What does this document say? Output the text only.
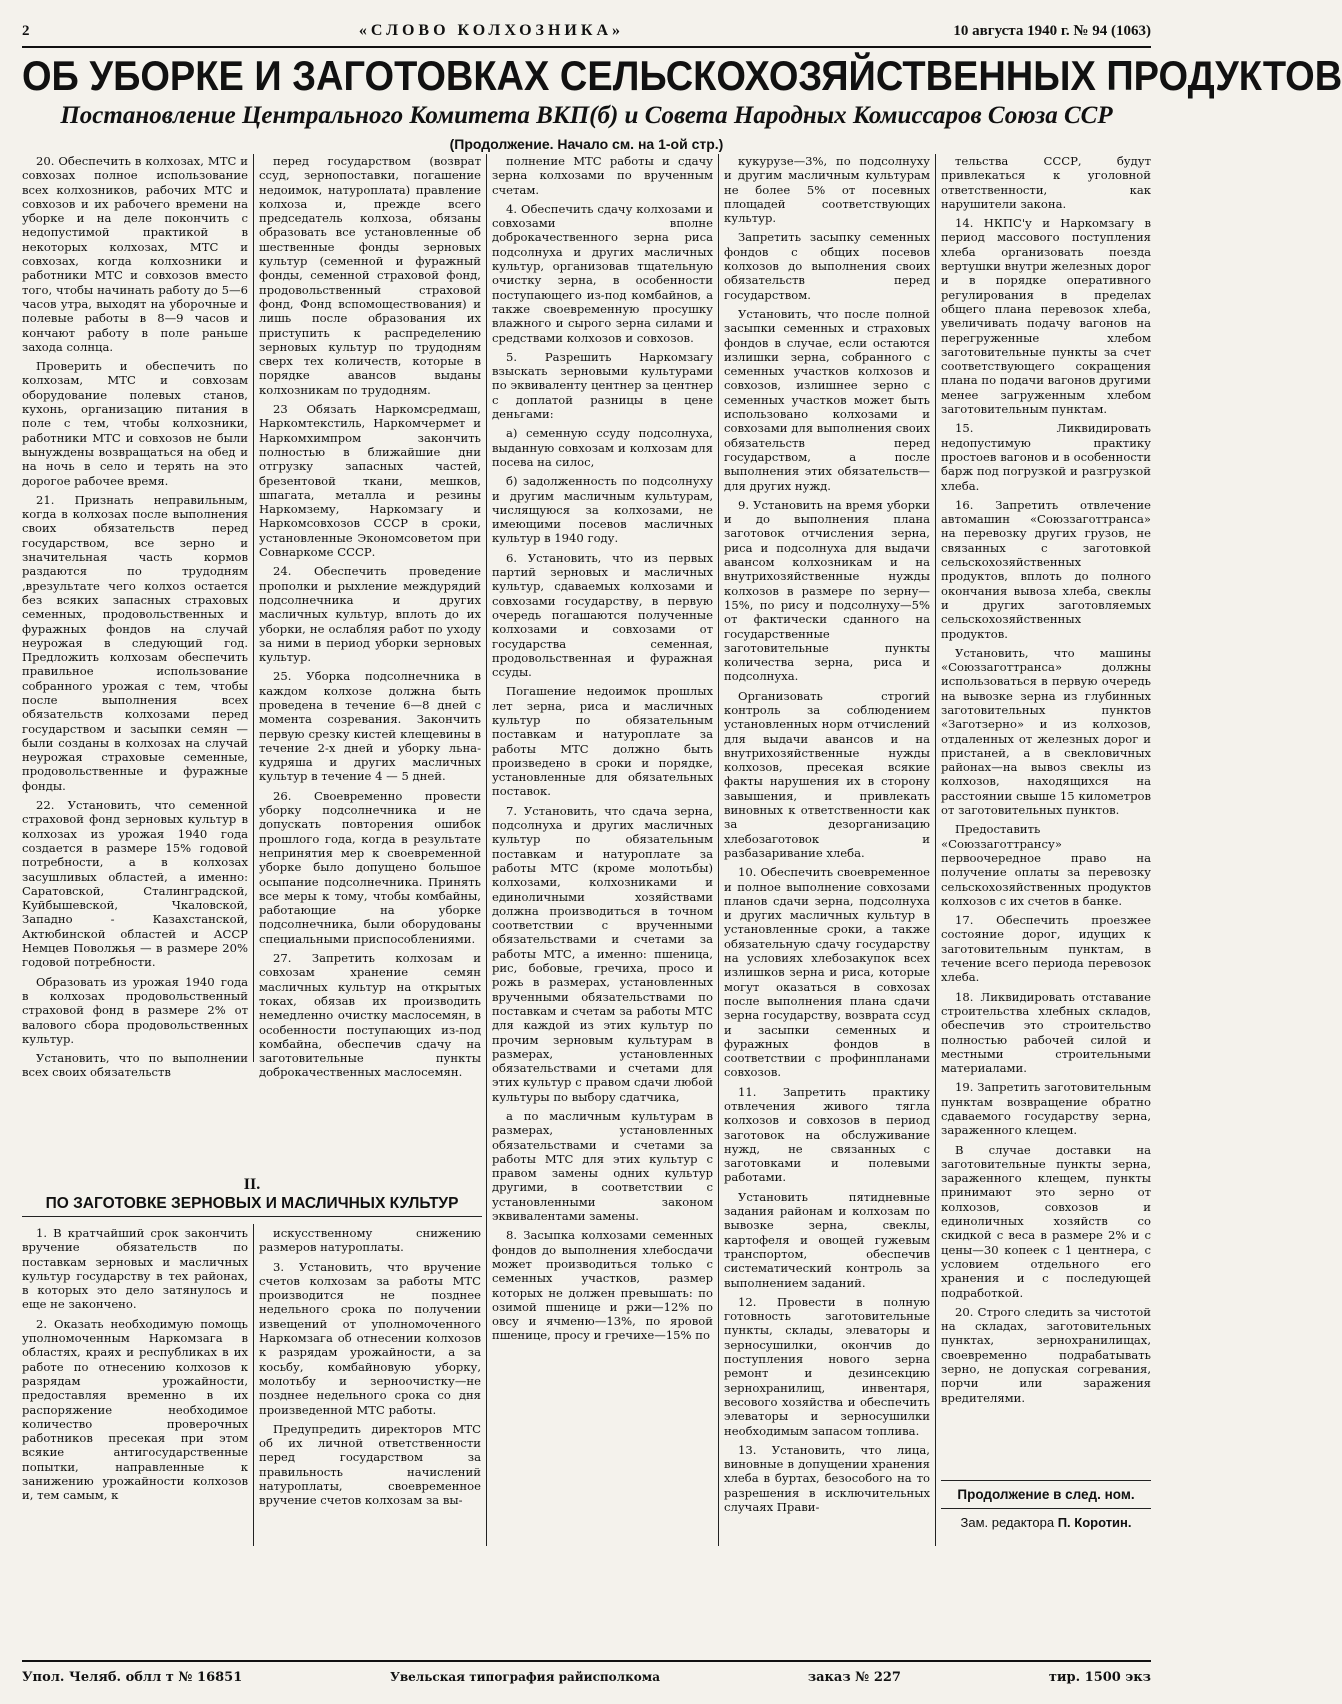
2	«СЛОВО КОЛХОЗНИКА»	10 августа 1940 г. № 94 (1063)
ОБ УБОРКЕ И ЗАГОТОВКАХ СЕЛЬСКОХОЗЯЙСТВЕННЫХ ПРОДУКТОВ
Постановление Центрального Комитета ВКП(б) и Совета Народных Комиссаров Союза ССР
(Продолжение. Начало см. на 1-ой стр.)

20. Обеспечить в колхозах, МТС и совхозах полное использование всех колхозников, рабочих МТС и совхозов и их рабочего времени на уборке и на деле покончить с недопустимой практикой в некоторых колхозах, МТС и совхозах, когда колхозники и работники МТС и совхозов вместо того, чтобы начинать работу до 5—6 часов утра, выходят на уборочные и полевые работы в 8—9 часов и кончают работу в поле раньше захода солнца.

Проверить и обеспечить по колхозам, МТС и совхозам оборудование полевых станов, кухонь, организацию питания в поле с тем, чтобы колхозники, работники МТС и совхозов не были вынуждены возвращаться на обед и на ночь в село и терять на это дорогое рабочее время.

21. Признать неправильным, когда в колхозах после выполнения своих обязательств перед государством, все зерно и значительная часть кормов раздаются по трудодням ,врезультате чего колхоз остается без всяких запасных страховых семенных, продовольственных и фуражных фондов на случай неурожая в следующий год. Предложить колхозам обеспечить правильное использование собранного урожая с тем, чтобы после выполнения всех обязательств колхозами перед государством и засыпки семян — были созданы в колхозах на случай неурожая страховые семенные, продовольственные и фуражные фонды.

22. Установить, что семенной страховой фонд зерновых культур в колхозах из урожая 1940 года создается в размере 15% годовой потребности, а в колхозах засушливых областей, а именно: Саратовской, Сталинградской, Куйбышевской, Чкаловской, Западно - Казахстанской, Актюбинской областей и АССР Немцев Поволжья — в размере 20% годовой потребности.

Образовать из урожая 1940 года в колхозах продовольственный страховой фонд в размере 2% от валового сбора продовольственных культур.

Установить, что по выполнении всех своих обязательств

перед государством (возврат ссуд, зернопоставки, погашение недоимок, натуроплата) правление колхоза и, прежде всего председатель колхоза, обязаны образовать все установленные об шественные фонды зерновых культур (семенной и фуражный фонды, семенной страховой фонд, продовольственный страховой фонд, Фонд вспомоществования) и лишь после образования их приступить к распределению зерновых культур по трудодням сверх тех количеств, которые в порядке авансов выданы колхозникам по трудодням.

23 Обязать Наркомсредмаш, Наркомтекстиль, Наркомчермет и Наркомхимпром закончить полностью в ближайшие дни отгрузку запасных частей, брезентовой ткани, мешков, шпагата, металла и резины Наркомзему, Наркомзагу и Наркомсовхозов СССР в сроки, установленные Экономсоветом при Совнаркоме СССР.

24. Обеспечить проведение прополки и рыхление междурядий подсолнечника и других масличных культур, вплоть до их уборки, не ослабляя работ по уходу за ними в период уборки зерновых культур.

25. Уборка подсолнечника в каждом колхозе должна быть проведена в течение 6—8 дней с момента созревания. Закончить первую срезку кистей клещевины в течение 2-х дней и уборку льна-кудряша и других масличных культур в течение 4 — 5 дней.

26. Своевременно провести уборку подсолнечника и не допускать повторения ошибок прошлого года, когда в результате непринятия мер к своевременной уборке было допущено большое осыпание подсолнечника. Принять все меры к тому, чтобы комбайны, работающие на уборке подсолнечника, были оборудованы специальными приспособлениями.

27. Запретить колхозам и совхозам хранение семян масличных культур на открытых токах, обязав их производить немедленно очистку маслосемян, в особенности поступающих из-под комбайна, обеспечив сдачу на заготовительные пункты доброкачественных маслосемян.

полнение МТС работы и сдачу зерна колхозами по врученным счетам.

4. Обеспечить сдачу колхозами и совхозами вполне доброкачественного зерна риса подсолнуха и других масличных культур, организовав тщательную очистку зерна, в особенности поступающего из-под комбайнов, а также своевременную просушку влажного и сырого зерна силами и средствами колхозов и совхозов.

5. Разрешить Наркомзагу взыскать зерновыми культурами по эквиваленту центнер за центнер с доплатой разницы в цене деньгами:

а) семенную ссуду подсолнуха, выданную совхозам и колхозам для посева на силос,

б) задолженность по подсолнуху и другим масличным культурам, числящуюся за колхозами, не имеющими посевов масличных культур в 1940 году.

6. Установить, что из первых партий зерновых и масличных культур, сдаваемых колхозами и совхозами государству, в первую очередь погашаются полученные колхозами и совхозами от государства семенная, продовольственная и фуражная ссуды.

Погашение недоимок прошлых лет зерна, риса и масличных культур по обязательным поставкам и натуроплате за работы МТС должно быть произведено в сроки и порядке, установленные для обязательных поставок.

7. Установить, что сдача зерна, подсолнуха и других масличных культур по обязательным поставкам и натуроплате за работы МТС (кроме молотьбы) колхозами, колхозниками и единоличными хозяйствами должна производиться в точном соответствии с врученными обязательствами и счетами за работы МТС, а именно: пшеница, рис, бобовые, гречиха, просо и рожь в размерах, установленных врученными обязательствами по поставкам и счетам за работы МТС для каждой из этих культур по прочим зерновым культурам в размерах, установленных обязательствами и счетами для этих культур с правом сдачи любой культуры по выбору сдатчика,

а по масличным культурам в размерах, установленных обязательствами и счетами за работы МТС для этих культур с правом замены одних культур другими, в соответствии с установленными законом эквивалентами замены.

8. Засыпка колхозами семенных фондов до выполнения хлебосдачи может производиться только с семенных участков, размер которых не должен превышать: по озимой пшенице и ржи—12% по овсу и ячменю—13%, по яровой пшенице, просу и гречихе—15% по

кукурузе—3%, по подсолнуху и другим масличным культурам не более 5% от посевных площадей соответствующих культур.

Запретить засыпку семенных фондов с общих посевов колхозов до выполнения своих обязательств перед государством.

Установить, что после полной засыпки семенных и страховых фондов в случае, если остаются излишки зерна, собранного с семенных участков колхозов и совхозов, излишнее зерно с семенных участков может быть использовано колхозами и совхозами для выполнения своих обязательств перед государством, а после выполнения этих обязательств—для других нужд.

9. Установить на время уборки и до выполнения плана заготовок отчисления зерна, риса и подсолнуха для выдачи авансом колхозникам и на внутрихозяйственные нужды колхозов в размере по зерну—15%, по рису и подсолнуху—5% от фактически сданного на государственные заготовительные пункты количества зерна, риса и подсолнуха.

Организовать строгий контроль за соблюдением установленных норм отчислений для выдачи авансов и на внутрихозяйственные нужды колхозов, пресекая всякие факты нарушения их в сторону завышения, и привлекать виновных к ответственности как за дезорганизацию хлебозаготовок и разбазаривание хлеба.

10. Обеспечить своевременное и полное выполнение совхозами планов сдачи зерна, подсолнуха и других масличных культур в установленные сроки, а также обязательную сдачу государству на условиях хлебозакупок всех излишков зерна и риса, которые могут оказаться в совхозах после выполнения плана сдачи зерна государству, возврата ссуд и засыпки семенных и фуражных фондов в соответствии с профинпланами совхозов.

11. Запретить практику отвлечения живого тягла колхозов и совхозов в период заготовок на обслуживание нужд, не связанных с заготовками и полевыми работами.

Установить пятидневные задания районам и колхозам по вывозке зерна, свеклы, картофеля и овощей гужевым транспортом, обеспечив систематический контроль за выполнением заданий.

12. Провести в полную готовность заготовительные пункты, склады, элеваторы и зерносушилки, окончив до поступления нового зерна ремонт и дезинсекцию зернохранилищ, инвентаря, весового хозяйства и обеспечить элеваторы и зерносушилки необходимым запасом топлива.

13. Установить, что лица, виновные в допущении хранения хлеба в буртах, безособого на то разрешения в исключительных случаях Прави-

тельства СССР, будут привлекаться к уголовной ответственности, как нарушители закона.

14. НКПС'у и Наркомзагу в период массового поступления хлеба организовать поезда вертушки внутри железных дорог и в порядке оперативного регулирования в пределах общего плана перевозок хлеба, увеличивать подачу вагонов на перегруженные хлебом заготовительные пункты за счет соответствующего сокращения плана по подачи вагонов другими менее загруженным хлебом заготовительным пунктам.

15. Ликвидировать недопустимую практику простоев вагонов и в особенности барж под погрузкой и разгрузкой хлеба.

16. Запретить отвлечение автомашин «Союззаготтранса» на перевозку других грузов, не связанных с заготовкой сельскохозяйственных продуктов, вплоть до полного окончания вывоза хлеба, свеклы и других заготовляемых сельскохозяйственных продуктов.

Установить, что машины «Союззаготтранса» должны использоваться в первую очередь на вывозке зерна из глубинных заготовительных пунктов «Заготзерно» и из колхозов, отдаленных от железных дорог и пристаней, а в свекловичных районах—на вывоз свеклы из колхозов, находящихся на расстоянии свыше 15 километров от заготовительных пунктов.

Предоставить «Союззаготтрансу» первоочередное право на получение оплаты за перевозку сельскохозяйственных продуктов колхозов с их счетов в банке.

17. Обеспечить проезжее состояние дорог, идущих к заготовительным пунктам, в течение всего периода перевозок хлеба.

18. Ликвидировать отставание строительства хлебных складов, обеспечив это строительство полностью рабочей силой и местными строительными материалами.

19. Запретить заготовительным пунктам возвращение обратно сдаваемого государству зерна, зараженного клещем.

В случае доставки на заготовительные пункты зерна, зараженного клещем, пункты принимают это зерно от колхозов, совхозов и единоличных хозяйств со скидкой с веса в размере 2% и с цены—30 копеек с 1 центнера, с условием отдельного его хранения и с последующей подработкой.

20. Строго следить за чистотой на складах, заготовительных пунктах, зернохранилищах, своевременно подрабатывать зерно, не допуская согревания, порчи или заражения вредителями.

II.
ПО ЗАГОТОВКЕ ЗЕРНОВЫХ И МАСЛИЧНЫХ КУЛЬТУР

1. В кратчайший срок закончить вручение обязательств по поставкам зерновых и масличных культур государству в тех районах, в которых это дело затянулось и еще не закончено.

2. Оказать необходимую помощь уполномоченным Наркомзага в областях, краях и республиках в их работе по отнесению колхозов к разрядам урожайности, предоставляя временно в их распоряжение необходимое количество проверочных работников пресекая при этом всякие антигосударственные попытки, направленные к занижению урожайности колхозов и, тем самым, к

искусственному снижению размеров натуроплаты.

3. Установить, что вручение счетов колхозам за работы МТС производится не позднее недельного срока по получении извещений от уполномоченного Наркомзага об отнесении колхозов к разрядам урожайности, а за косьбу, комбайновую уборку, молотьбу и зерноочистку—не позднее недельного срока со дня произведенной МТС работы.

Предупредить директоров МТС об их личной ответственности перед государством за правильность начислений натуроплаты, своевременное вручение счетов колхозам за вы-	Продолжение в след. ном.
Зам. редактора П. Коротин.
Упол. Челяб. облл т № 16851	Увельская типография райисполкома	заказ № 227	тир. 1500 экз
